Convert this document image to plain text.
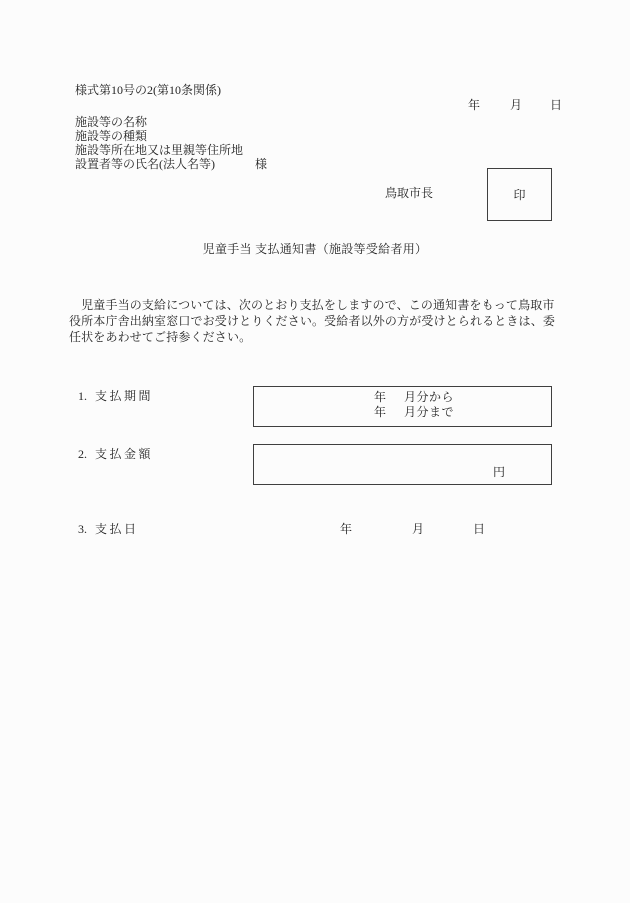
様式第10号の2(第10条関係)
年 月 日
施設等の名称
施設等の種類
施設等所在地又は里親等住所地
設置者等の氏名(法人名等)	様
鳥取市長	印
児童手当 支払通知書（施設等受給者用）
　児童手当の支給については、次のとおり支払をしますので、この通知書をもって鳥取市
役所本庁舎出納室窓口でお受けとりください。受給者以外の方が受けとられるときは、委
任状をあわせてご持参ください。
1. 支払期間	年 月分から
年 月分まで
2. 支払金額
円
3. 支払日	年	月	日
